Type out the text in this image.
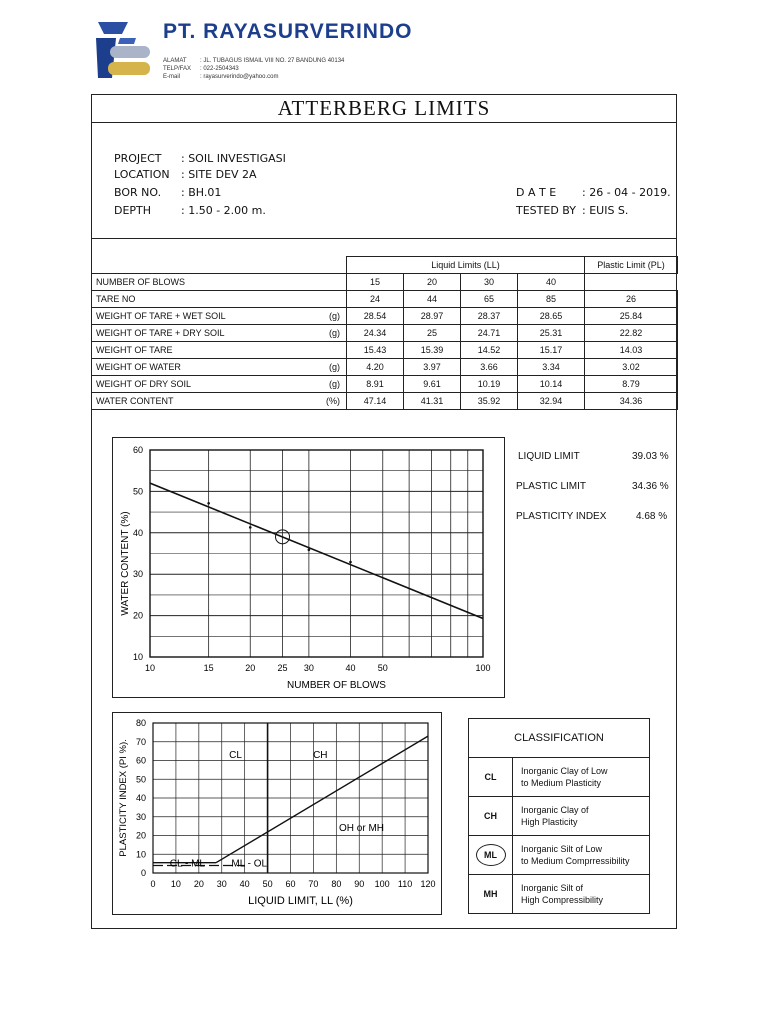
PT. RAYASURVERINDO
ALAMAT : JL. TUBAGUS ISMAIL VIII NO. 27 BANDUNG 40134
TELP/FAX : 022-2504343
E-mail	: rayasurverindo@yahoo.com
ATTERBERG LIMITS
PROJECT : SOIL INVESTIGASI
LOCATION : SITE DEV 2A
BOR NO. : BH.01
DEPTH	: 1.50 - 2.00 m.
D A T E : 26 - 04 - 2019.
TESTED BY : EUIS S.
		Liquid Limits (LL)				Plastic Limit (PL)
NUMBER OF BLOWS		15	20	30	40	
TARE NO		24	44	65	85	26
WEIGHT OF TARE + WET SOIL	(g)	28.54	28.97	28.37	28.65	25.84
WEIGHT OF TARE + DRY SOIL	(g)	24.34	25	24.71	25.31	22.82
WEIGHT OF TARE		15.43	15.39	14.52	15.17	14.03
WEIGHT OF WATER	(g)	4.20	3.97	3.66	3.34	3.02
WEIGHT OF DRY SOIL	(g)	8.91	9.61	10.19	10.14	8.79
WATER CONTENT	(%)	47.14	41.31	35.92	32.94	34.36
10	15	20 25 30	40 50	100
10
20
30
40
50
60
NUMBER OF BLOWS
WATER CONTENT (%)
LIQUID LIMIT	39.03 %
PLASTIC LIMIT	34.36 %
PLASTICITY INDEX	4.68 %
0 10 20 30 40 50 60 70 80 90 100 110 120
0
10
20
30
40
50
60
70
80
LIQUID LIMIT, LL (%)
PLASTICITY INDEX (PI %).	CL	CH
OH or MH
CL - ML	ML - OL
CLASSIFICATION	
CL	Inorganic Clay of Low
to Medium Plasticity

CH	Inorganic Clay of
High Plasticity

ML	Inorganic Silt of Low
to Medium Comprressibility

MH	Inorganic Silt of
High Compressibility
